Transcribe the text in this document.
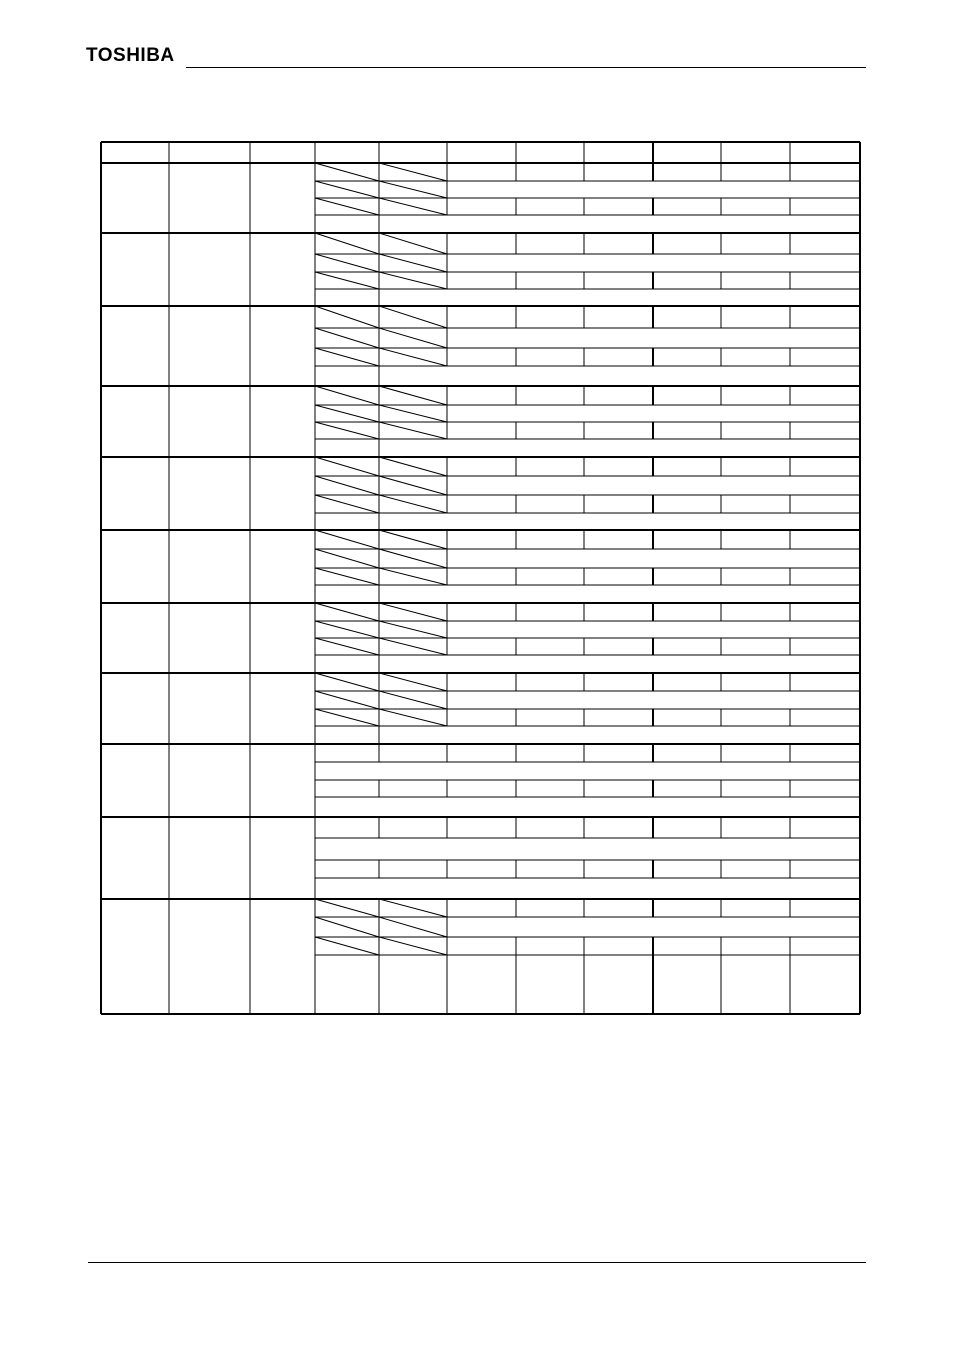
TOSHIBA
